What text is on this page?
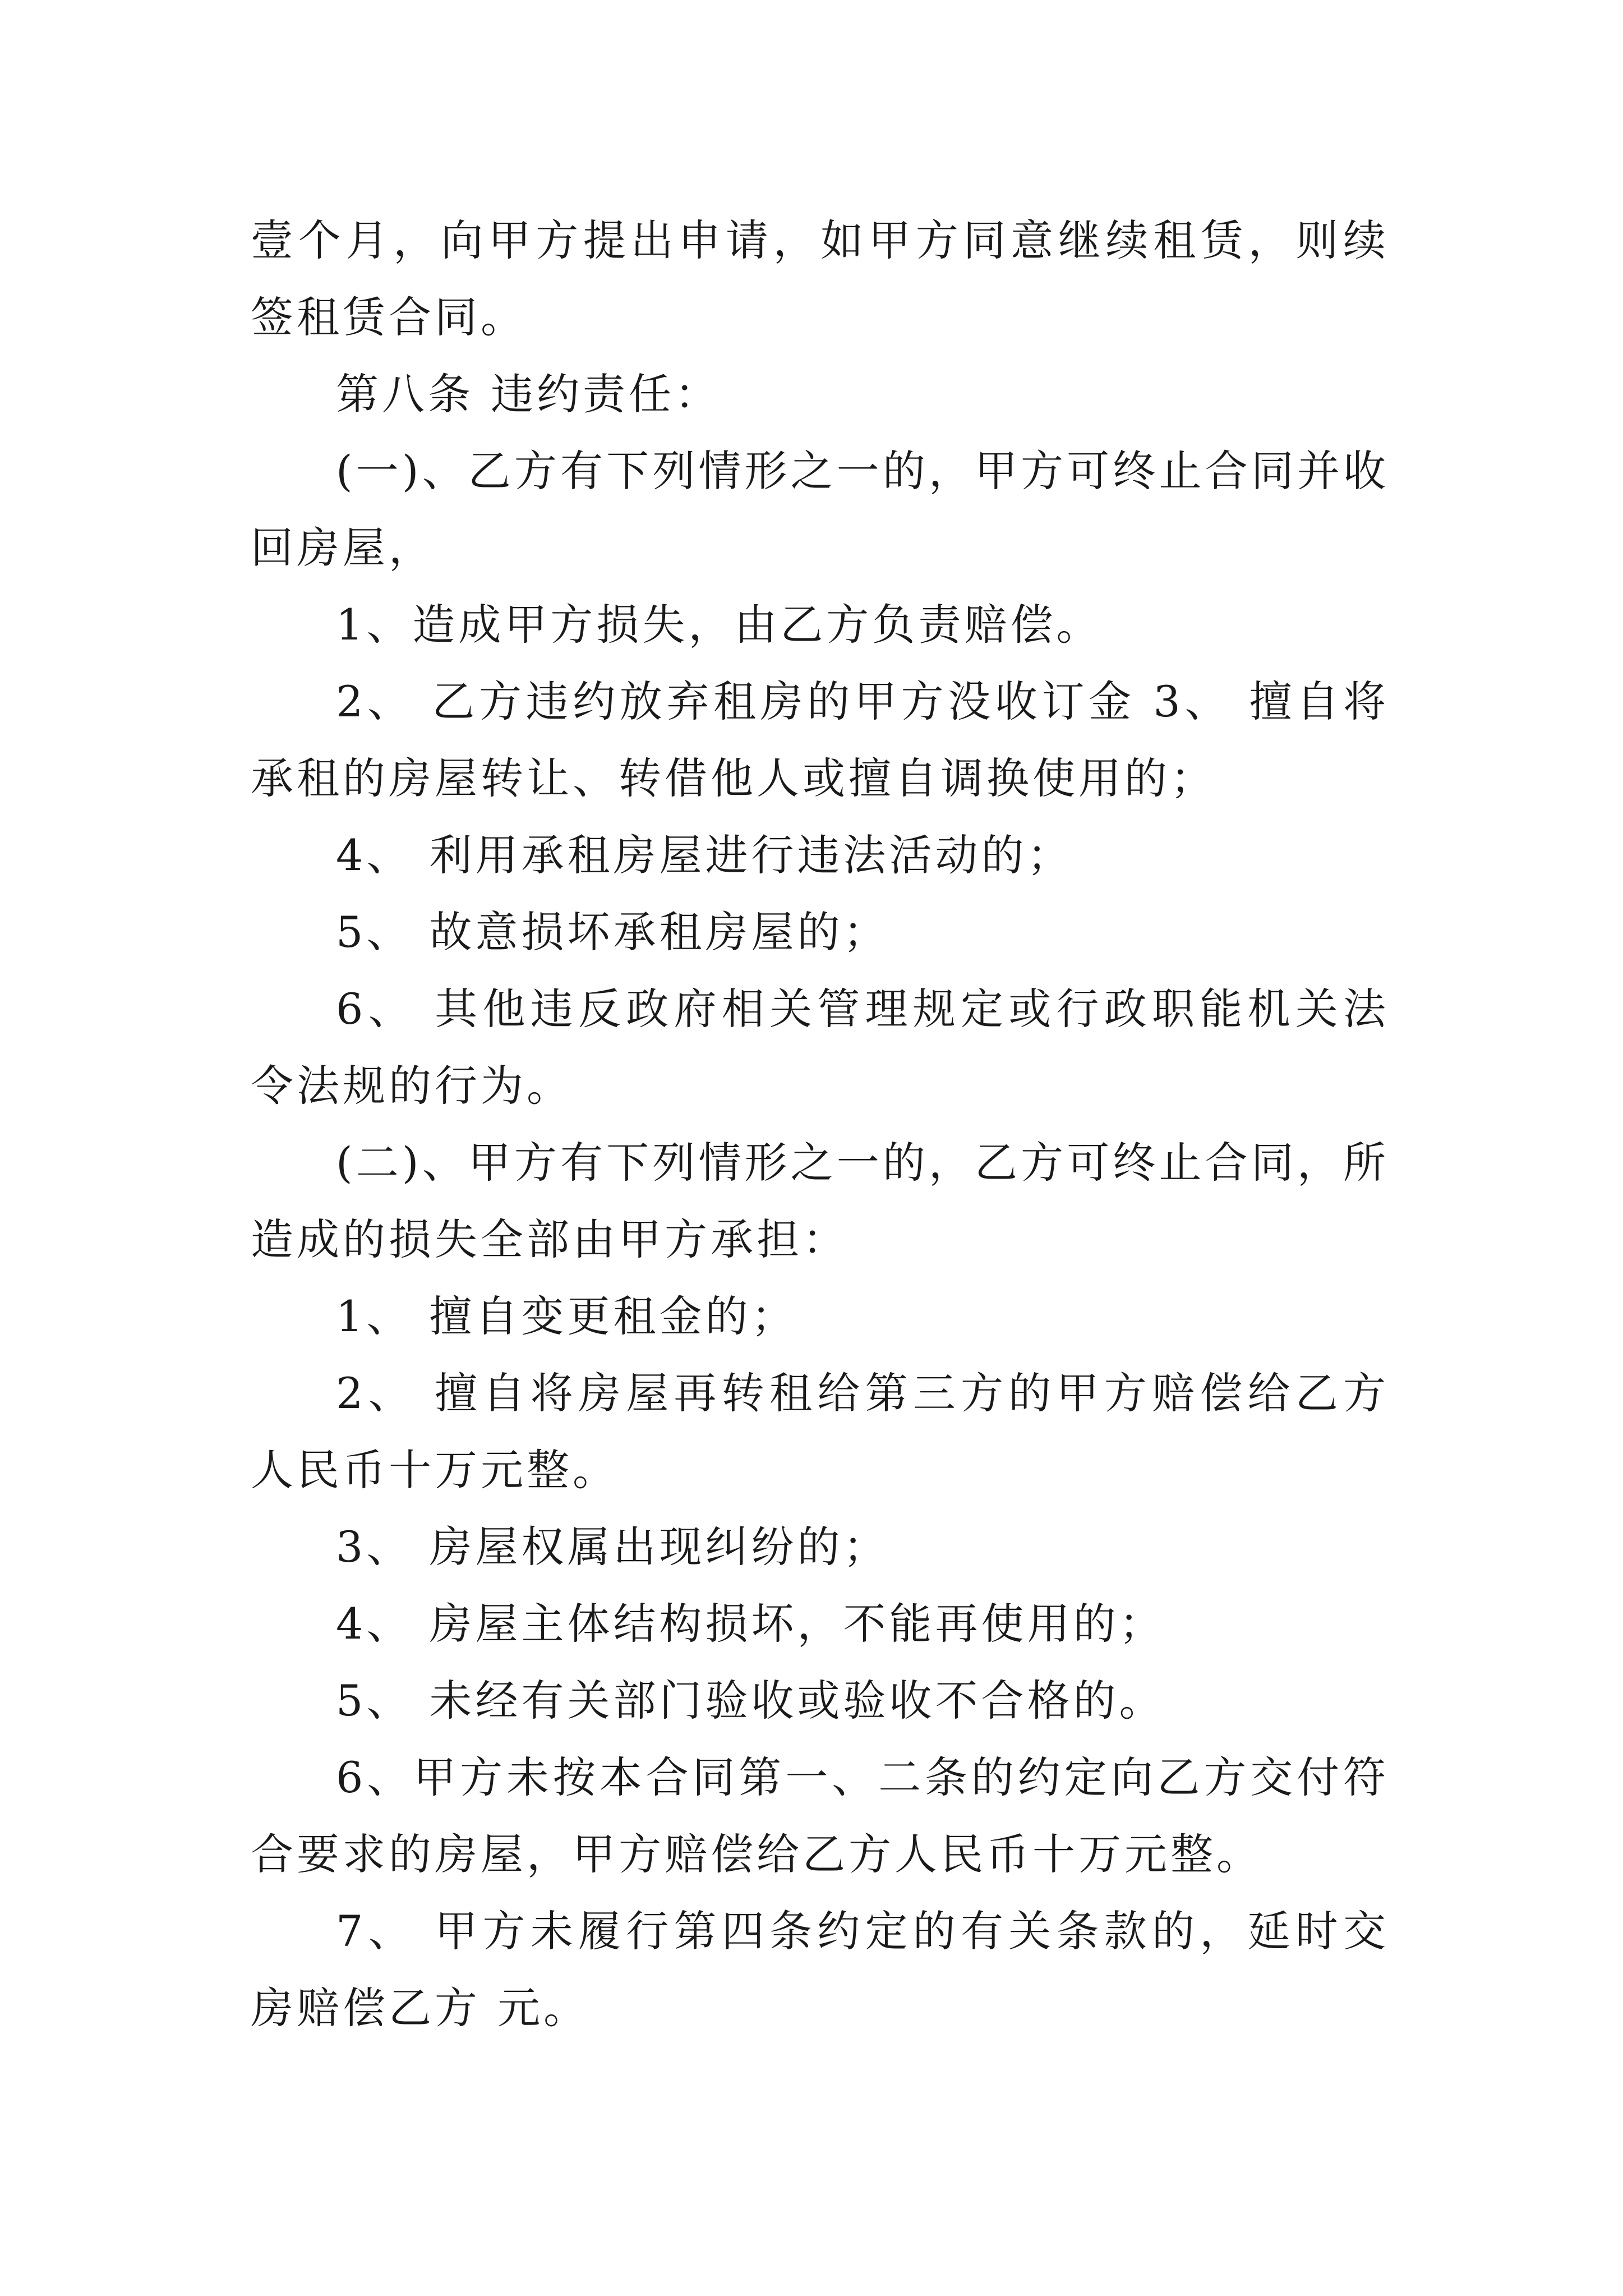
壹个月，向甲方提出申请，如甲方同意继续租赁，则续签租赁合同。

第八条 违约责任：

(一)、乙方有下列情形之一的，甲方可终止合同并收回房屋，

1、造成甲方损失，由乙方负责赔偿。

2、 乙方违约放弃租房的甲方没收订金 3、 擅自将承租的房屋转让、转借他人或擅自调换使用的；

4、 利用承租房屋进行违法活动的；

5、 故意损坏承租房屋的；

6、 其他违反政府相关管理规定或行政职能机关法令法规的行为。

(二)、甲方有下列情形之一的，乙方可终止合同，所造成的损失全部由甲方承担：

1、 擅自变更租金的；

2、 擅自将房屋再转租给第三方的甲方赔偿给乙方人民币十万元整。

3、 房屋权属出现纠纷的；

4、 房屋主体结构损坏，不能再使用的；

5、 未经有关部门验收或验收不合格的。

6、甲方未按本合同第一、二条的约定向乙方交付符合要求的房屋，甲方赔偿给乙方人民币十万元整。

7、 甲方未履行第四条约定的有关条款的，延时交房赔偿乙方 元。
